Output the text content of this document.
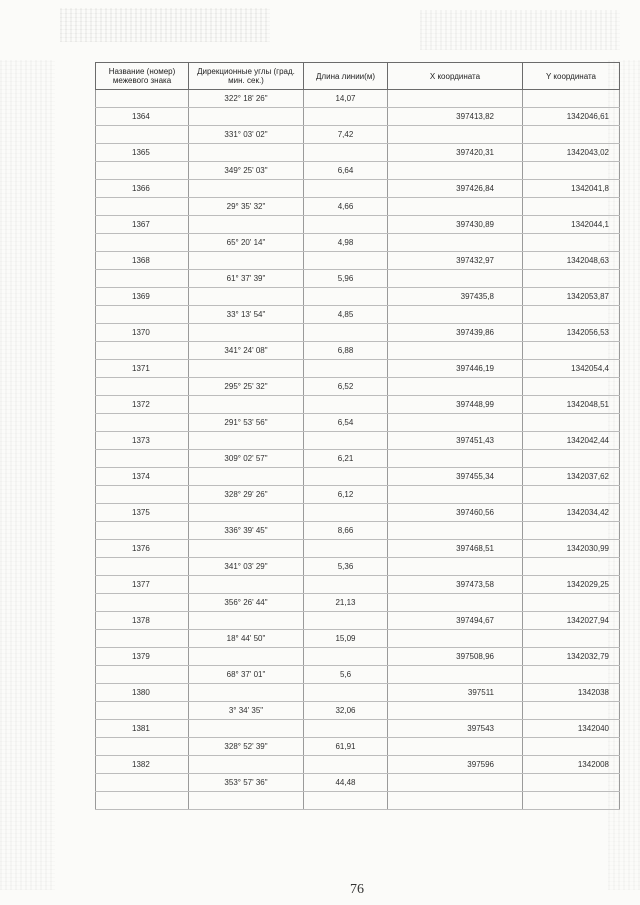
Название (номер) межевого знака	Дирекционные углы (град. мин. сек.)	Длина линии(м)	X координата	Y координата
	322° 18' 26"	14,07		
1364			397413,82	1342046,61
	331° 03' 02"	7,42		
1365			397420,31	1342043,02
	349° 25' 03"	6,64		
1366			397426,84	1342041,8
	29° 35' 32"	4,66		
1367			397430,89	1342044,1
	65° 20' 14"	4,98		
1368			397432,97	1342048,63
	61° 37' 39"	5,96		
1369			397435,8	1342053,87
	33° 13' 54"	4,85		
1370			397439,86	1342056,53
	341° 24' 08"	6,88		
1371			397446,19	1342054,4
	295° 25' 32"	6,52		
1372			397448,99	1342048,51
	291° 53' 56"	6,54		
1373			397451,43	1342042,44
	309° 02' 57"	6,21		
1374			397455,34	1342037,62
	328° 29' 26"	6,12		
1375			397460,56	1342034,42
	336° 39' 45"	8,66		
1376			397468,51	1342030,99
	341° 03' 29"	5,36		
1377			397473,58	1342029,25
	356° 26' 44"	21,13		
1378			397494,67	1342027,94
	18° 44' 50"	15,09		
1379			397508,96	1342032,79
	68° 37' 01"	5,6		
1380			397511	1342038
	3° 34' 35"	32,06		
1381			397543	1342040
	328° 52' 39"	61,91		
1382			397596	1342008
	353° 57' 36"	44,48		

76
